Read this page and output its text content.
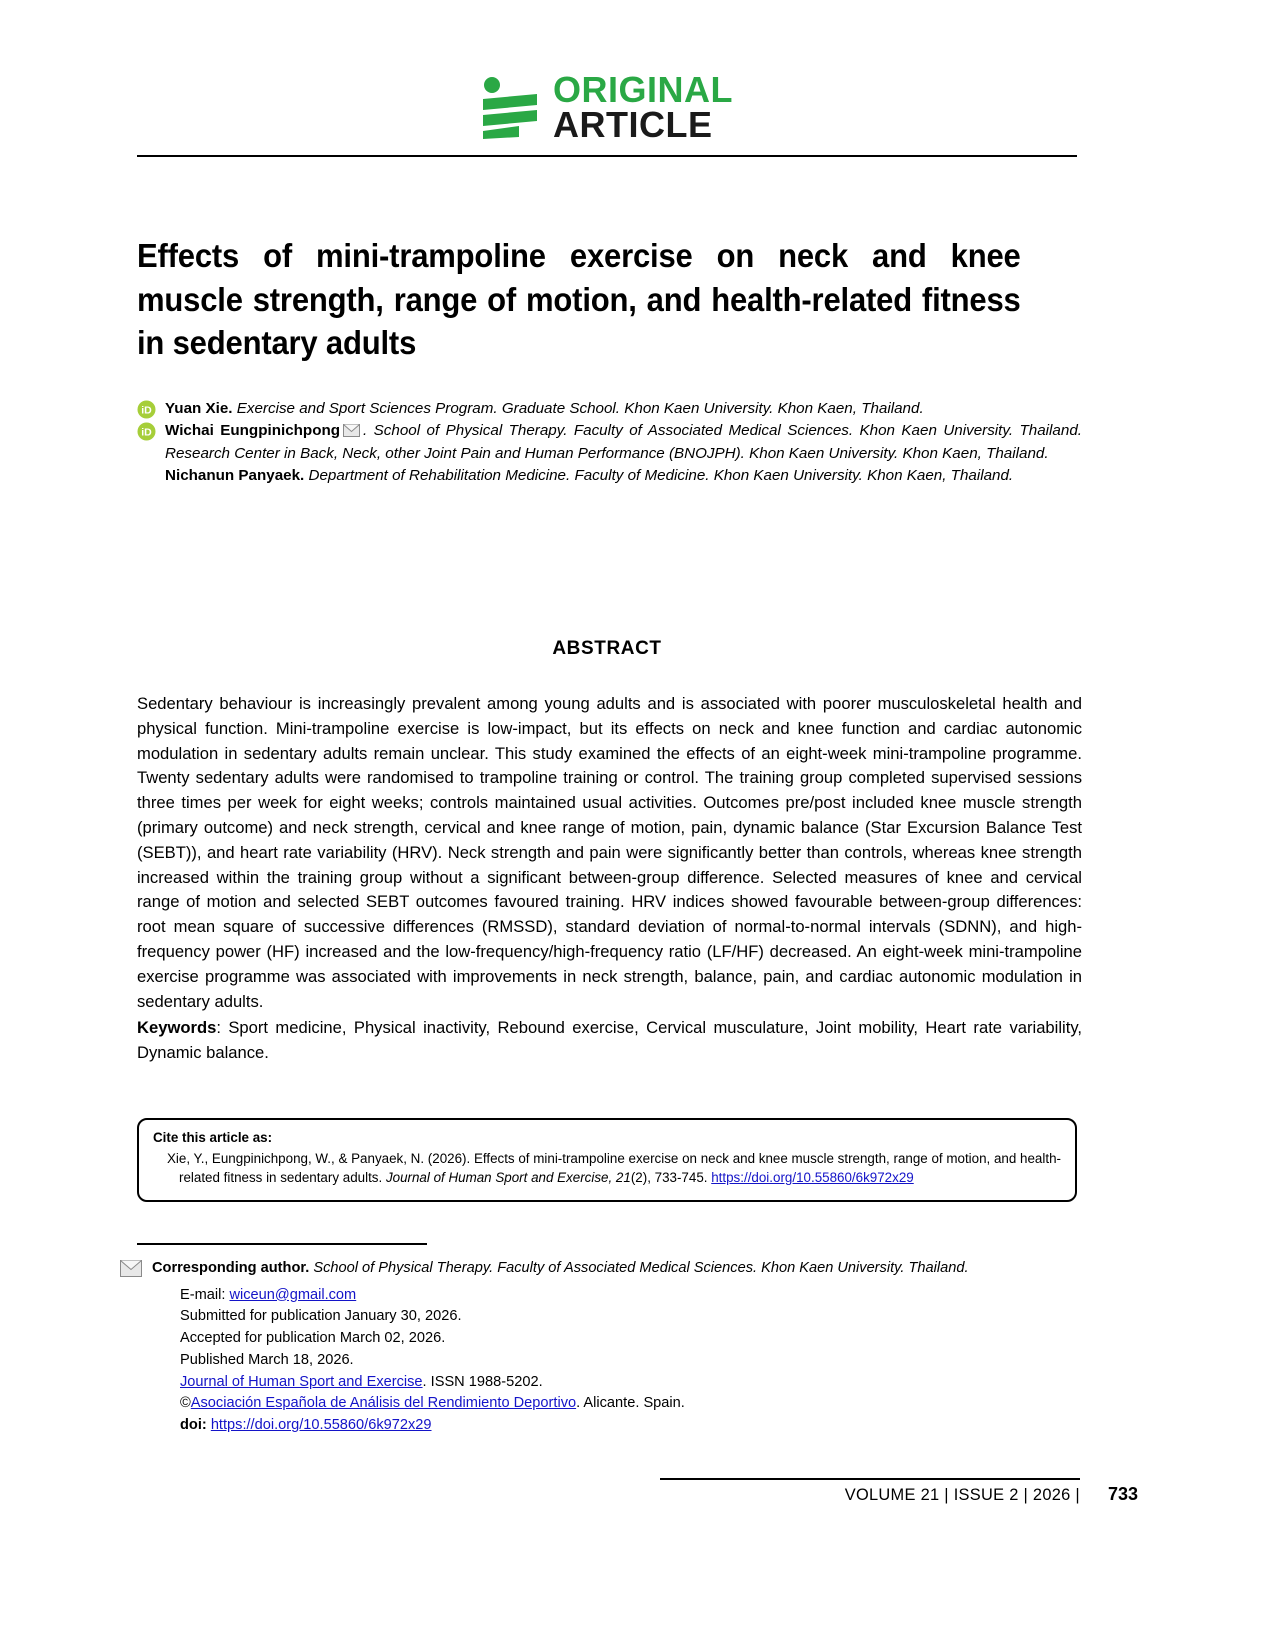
ORIGINAL
ARTICLE
Effects of mini-trampoline exercise on neck and knee muscle strength, range of motion, and health-related fitness in sedentary adults
iD Yuan Xie. Exercise and Sport Sciences Program. Graduate School. Khon Kaen University. Khon Kaen, Thailand.
iD Wichai Eungpinichpong . School of Physical Therapy. Faculty of Associated Medical Sciences. Khon Kaen University. Thailand. Research Center in Back, Neck, other Joint Pain and Human Performance (BNOJPH). Khon Kaen University. Khon Kaen, Thailand.
Nichanun Panyaek. Department of Rehabilitation Medicine. Faculty of Medicine. Khon Kaen University. Khon Kaen, Thailand.
ABSTRACT
Sedentary behaviour is increasingly prevalent among young adults and is associated with poorer musculoskeletal health and physical function. Mini-trampoline exercise is low-impact, but its effects on neck and knee function and cardiac autonomic modulation in sedentary adults remain unclear. This study examined the effects of an eight-week mini-trampoline programme. Twenty sedentary adults were randomised to trampoline training or control. The training group completed supervised sessions three times per week for eight weeks; controls maintained usual activities. Outcomes pre/post included knee muscle strength (primary outcome) and neck strength, cervical and knee range of motion, pain, dynamic balance (Star Excursion Balance Test (SEBT)), and heart rate variability (HRV). Neck strength and pain were significantly better than controls, whereas knee strength increased within the training group without a significant between-group difference. Selected measures of knee and cervical range of motion and selected SEBT outcomes favoured training. HRV indices showed favourable between-group differences: root mean square of successive differences (RMSSD), standard deviation of normal-to-normal intervals (SDNN), and high-frequency power (HF) increased and the low-frequency/high-frequency ratio (LF/HF) decreased. An eight-week mini-trampoline exercise programme was associated with improvements in neck strength, balance, pain, and cardiac autonomic modulation in sedentary adults.
Keywords: Sport medicine, Physical inactivity, Rebound exercise, Cervical musculature, Joint mobility, Heart rate variability, Dynamic balance.
Cite this article as:
Xie, Y., Eungpinichpong, W., & Panyaek, N. (2026). Effects of mini-trampoline exercise on neck and knee muscle strength, range of motion, and health-related fitness in sedentary adults. Journal of Human Sport and Exercise, 21(2), 733-745. https://doi.org/10.55860/6k972x29
Corresponding author. School of Physical Therapy. Faculty of Associated Medical Sciences. Khon Kaen University. Thailand.
E-mail: wiceun@gmail.com
Submitted for publication January 30, 2026.
Accepted for publication March 02, 2026.
Published March 18, 2026.
Journal of Human Sport and Exercise. ISSN 1988-5202.
©Asociación Española de Análisis del Rendimiento Deportivo. Alicante. Spain.
doi: https://doi.org/10.55860/6k972x29
VOLUME 21 | ISSUE 2 | 2026 | 733
